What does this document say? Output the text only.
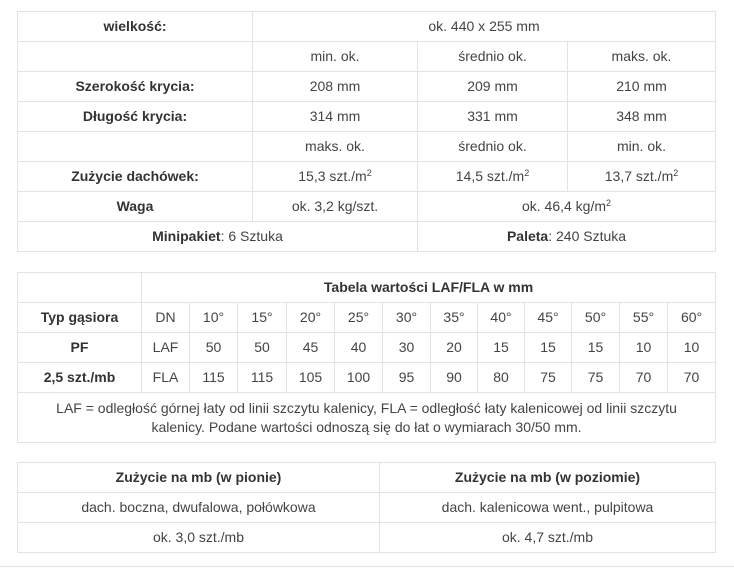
wielkość:	ok. 440 x 255 mm		
	min. ok.	średnio ok.	maks. ok.
Szerokość krycia:	208 mm	209 mm	210 mm
Długość krycia:	314 mm	331 mm	348 mm
	maks. ok.	średnio ok.	min. ok.
Zużycie dachówek:	15,3 $szt./m^2$	14,5 $szt./m^2$	13,7 $szt./m^2$
Waga	ok. 3,2 kg/szt.	ok. 46,4 $kg/m^2$
Minipakiet: 6 Sztuka		Paleta: 240 Sztuka	
	Tabela wartości LAF/FLA w mm											
Typ gąsiora	DN	10°	15°	20°	25°	30°	35°	40°	45°	50°	55°	60°
PF	LAF	50	50	45	40	30	20	15	15	15	10	10
2,5 szt./mb	FLA	115	115	105	100	95	90	80	75	75	70	70
LAF = odległość górnej łaty od linii szczytu kalenicy, FLA = odległość łaty kalenicowej od linii szczytu kalenicy. Podane wartości odnoszą się do łat o wymiarach 30/50 mm.												
Zużycie na mb (w pionie)	Zużycie na mb (w poziomie)
dach. boczna, dwufalowa, połówkowa	dach. kalenicowa went., pulpitowa
ok. 3,0 szt./mb	ok. 4,7 szt./mb
